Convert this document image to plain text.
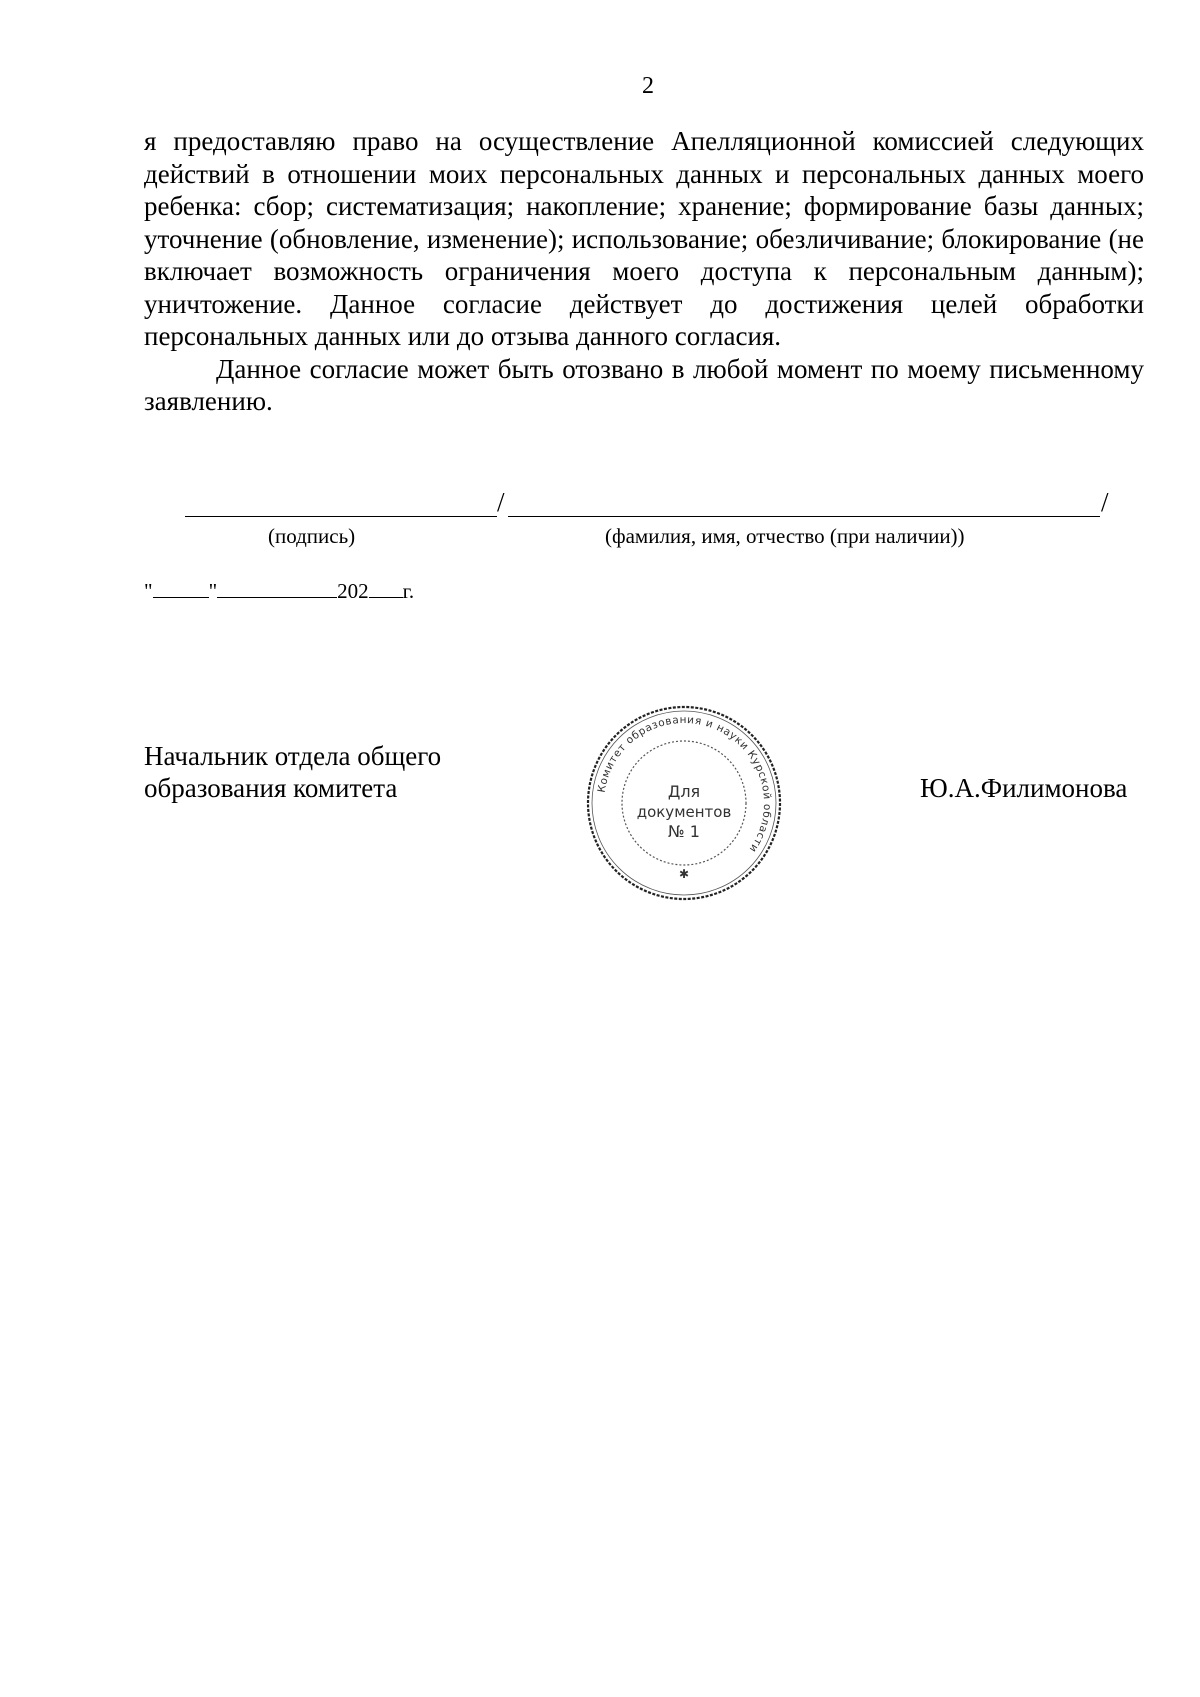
2

я предоставляю право на осуществление Апелляционной комиссией следующих действий в отношении моих персональных данных и персональных данных моего ребенка: сбор; систематизация; накопление; хранение; формирование базы данных; уточнение (обновление, изменение); использование; обезличивание; блокирование (не включает возможность ограничения моего доступа к персональным данным); уничтожение. Данное согласие действует до достижения целей обработки персональных данных или до отзыва данного согласия.

Данное согласие может быть отозвано в любой момент по моему письменному заявлению.

/	/
(подпись)	(фамилия, имя, отчество (при наличии))
"	"	202 г.
Начальник отдела общего
образования комитета	Ю.А.Филимонова
Комитет образования и науки Курской области
Для
документов
№ 1
✱
